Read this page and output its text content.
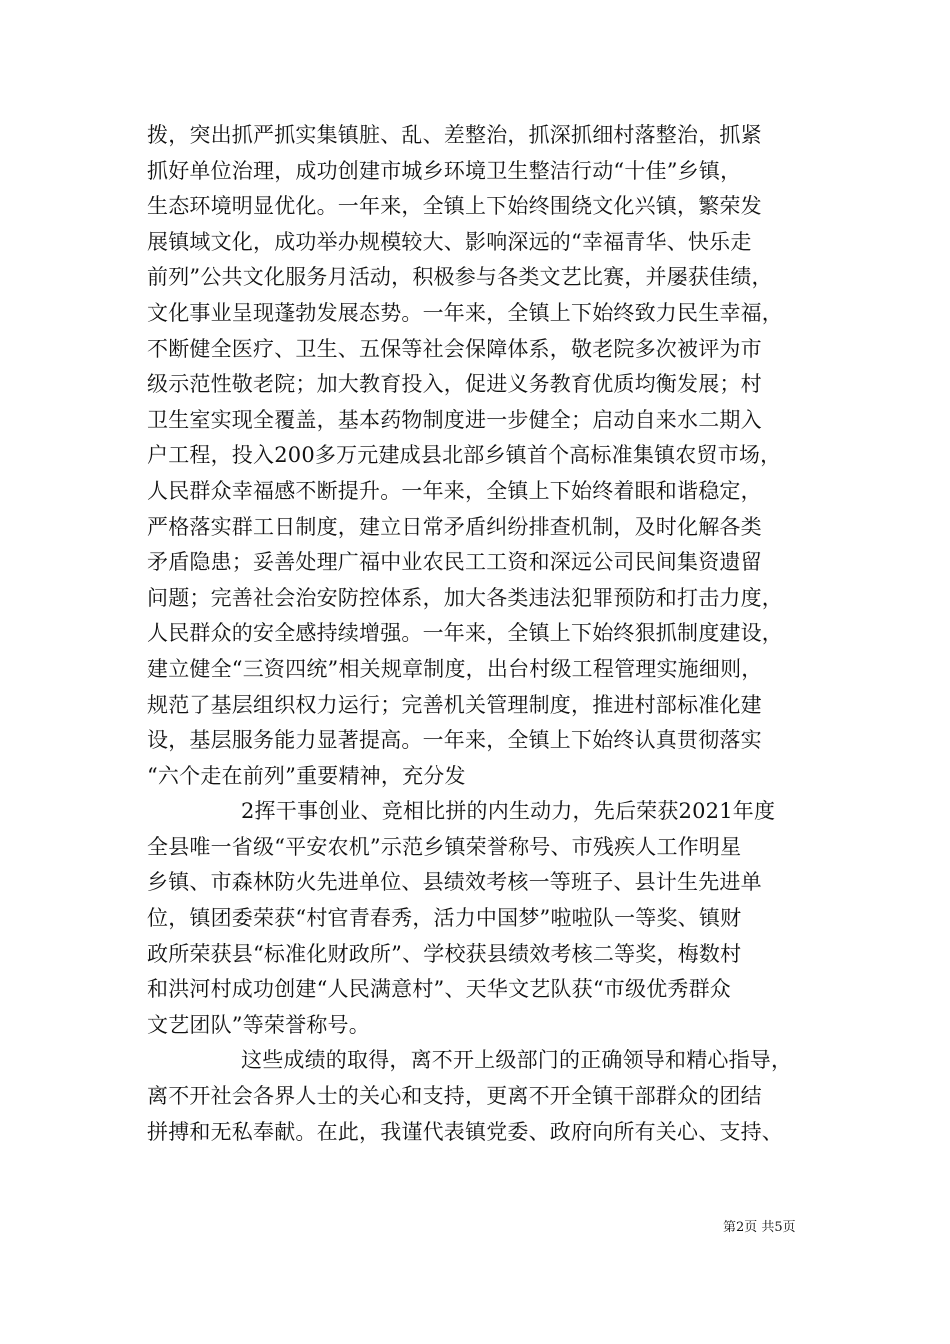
拨，突出抓严抓实集镇脏、乱、差整治，抓深抓细村落整治，抓紧
抓好单位治理，成功创建市城乡环境卫生整洁行动“十佳”乡镇，
生态环境明显优化。一年来，全镇上下始终围绕文化兴镇，繁荣发
展镇域文化，成功举办规模较大、影响深远的“幸福青华、快乐走
前列”公共文化服务月活动，积极参与各类文艺比赛，并屡获佳绩，
文化事业呈现蓬勃发展态势。一年来，全镇上下始终致力民生幸福，
不断健全医疗、卫生、五保等社会保障体系，敬老院多次被评为市
级示范性敬老院；加大教育投入，促进义务教育优质均衡发展；村
卫生室实现全覆盖，基本药物制度进一步健全；启动自来水二期入
户工程，投入200多万元建成县北部乡镇首个高标准集镇农贸市场，
人民群众幸福感不断提升。一年来，全镇上下始终着眼和谐稳定，
严格落实群工日制度，建立日常矛盾纠纷排查机制，及时化解各类
矛盾隐患；妥善处理广福中业农民工工资和深远公司民间集资遗留
问题；完善社会治安防控体系，加大各类违法犯罪预防和打击力度，
人民群众的安全感持续增强。一年来，全镇上下始终狠抓制度建设，
建立健全“三资四统”相关规章制度，出台村级工程管理实施细则，
规范了基层组织权力运行；完善机关管理制度，推进村部标准化建
设，基层服务能力显著提高。一年来，全镇上下始终认真贯彻落实
“六个走在前列”重要精神，充分发
2挥干事创业、竞相比拼的内生动力，先后荣获2021年度
全县唯一省级“平安农机”示范乡镇荣誉称号、市残疾人工作明星
乡镇、市森林防火先进单位、县绩效考核一等班子、县计生先进单
位，镇团委荣获“村官青春秀，活力中国梦”啦啦队一等奖、镇财
政所荣获县“标准化财政所”、学校获县绩效考核二等奖，梅数村
和洪河村成功创建“人民满意村”、天华文艺队获“市级优秀群众
文艺团队”等荣誉称号。
这些成绩的取得，离不开上级部门的正确领导和精心指导，
离不开社会各界人士的关心和支持，更离不开全镇干部群众的团结
拼搏和无私奉献。在此，我谨代表镇党委、政府向所有关心、支持、
第2页 共5页
